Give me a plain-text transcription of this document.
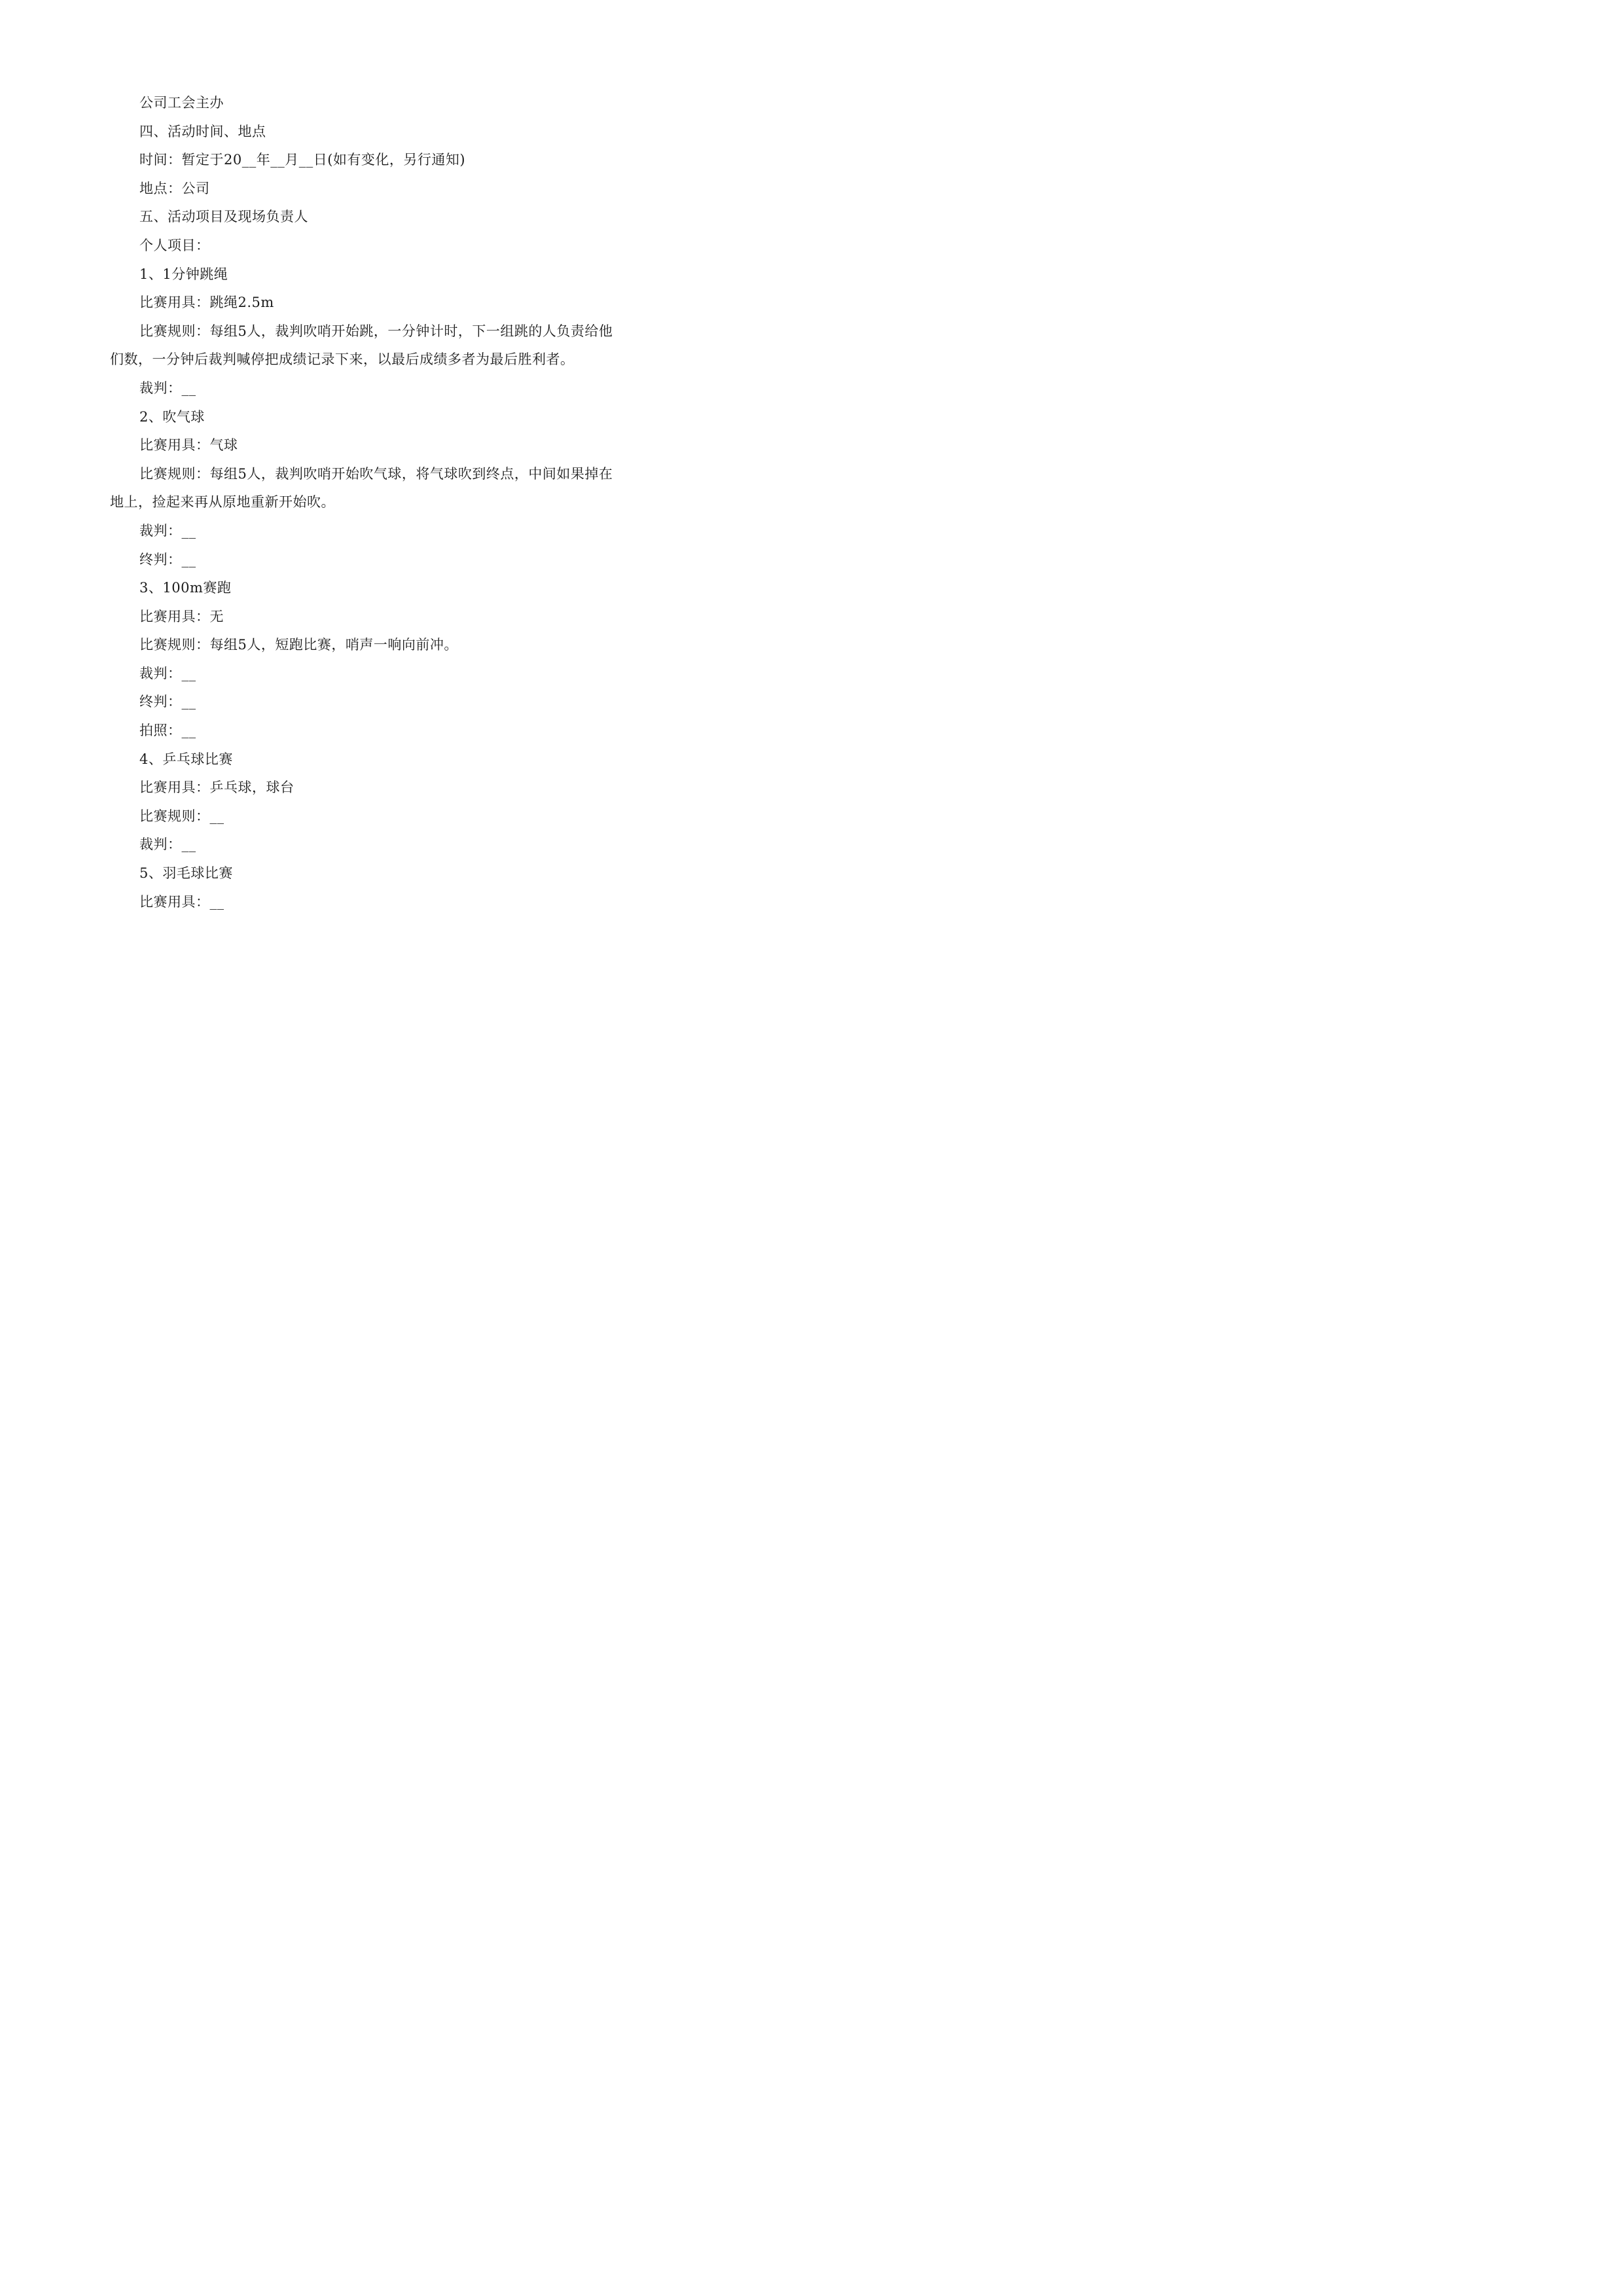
公司工会主办
四、活动时间、地点
时间：暂定于20__年__月__日(如有变化，另行通知)
地点：公司
五、活动项目及现场负责人
个人项目：
1、1分钟跳绳
比赛用具：跳绳2.5m
比赛规则：每组5人，裁判吹哨开始跳，一分钟计时，下一组跳的人负责给他们数，一分钟后裁判喊停把成绩记录下来，以最后成绩多者为最后胜利者。
裁判：__
2、吹气球
比赛用具：气球
比赛规则：每组5人，裁判吹哨开始吹气球，将气球吹到终点，中间如果掉在地上，捡起来再从原地重新开始吹。
裁判：__
终判：__
3、100m赛跑
比赛用具：无
比赛规则：每组5人，短跑比赛，哨声一响向前冲。
裁判：__
终判：__
拍照：__
4、乒乓球比赛
比赛用具：乒乓球，球台
比赛规则：__
裁判：__
5、羽毛球比赛
比赛用具：__
